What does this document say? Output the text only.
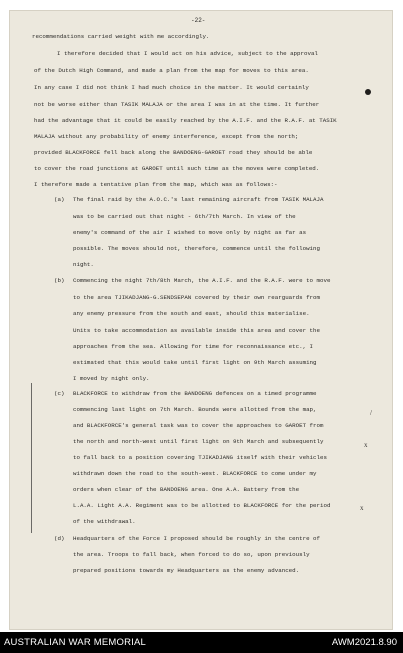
-22-
recommendations carried weight with me accordingly.
I therefore decided that I would act on his advice, subject to the approval
of the Dutch High Command, and made a plan from the map for moves to this area.
In any case I did not think I had much choice in the matter. It would certainly
not be worse either than TASIK MALAJA or the area I was in at the time. It further
had the advantage that it could be easily reached by the A.I.F. and the R.A.F. at TASIK
MALAJA without any probability of enemy interference, except from the north;
provided BLACKFORCE fell back along the BANDOENG-GAROET road they should be able
to cover the road junctions at GAROET until such time as the moves were completed.
I therefore made a tentative plan from the map, which was as follows:-
(a) The final raid by the A.O.C.'s last remaining aircraft from TASIK MALAJA
was to be carried out that night - 6th/7th March. In view of the
enemy's command of the air I wished to move only by night as far as
possible. The moves should not, therefore, commence until the following
night.
(b) Commencing the night 7th/8th March, the A.I.F. and the R.A.F. were to move
to the area TJIKADJANG-G.SENDSEPAN covered by their own rearguards from
any enemy pressure from the south and east, should this materialise.
Units to take accommodation as available inside this area and cover the
approaches from the sea. Allowing for time for reconnaissance etc., I
estimated that this would take until first light on 9th March assuming
I moved by night only.
(c) BLACKFORCE to withdraw from the BANDOENG defences on a timed programme
commencing last light on 7th March. Bounds were allotted from the map,
and BLACKFORCE's general task was to cover the approaches to GAROET from
the north and north-west until first light on 9th March and subsequently
to fall back to a position covering TJIKADJANG itself with their vehicles
withdrawn down the road to the south-west. BLACKFORCE to come under my
orders when clear of the BANDOENG area. One A.A. Battery from the
L.A.A. Light A.A. Regiment was to be allotted to BLACKFORCE for the period
of the withdrawal.
/
x
x
(d) Headquarters of the Force I proposed should be roughly in the centre of
the area. Troops to fall back, when forced to do so, upon previously
prepared positions towards my Headquarters as the enemy advanced.
AUSTRALIAN WAR MEMORIAL	AWM2021.8.90
